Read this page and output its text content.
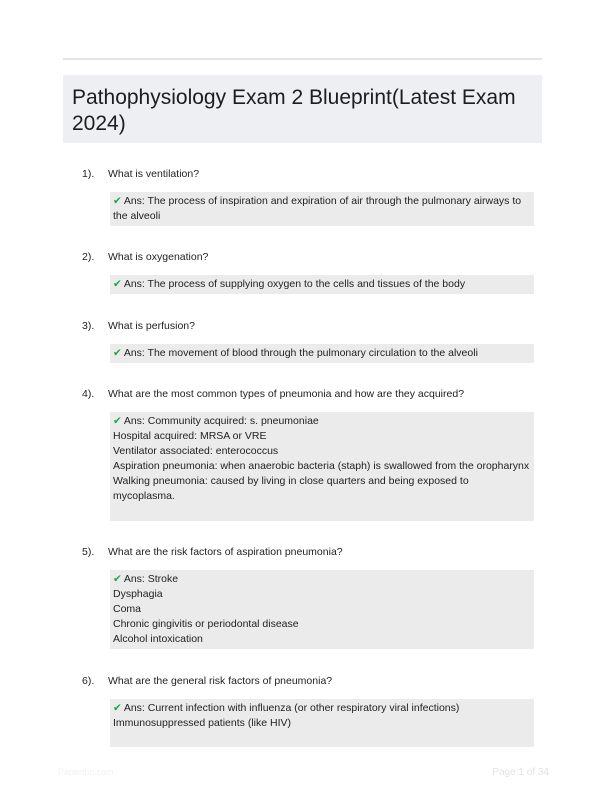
Pathophysiology Exam 2 Blueprint(Latest Exam 2024)
1).	What is ventilation?
✔ Ans: The process of inspiration and expiration of air through the pulmonary airways to the alveoli
2).	What is oxygenation?
✔ Ans: The process of supplying oxygen to the cells and tissues of the body
3).	What is perfusion?
✔ Ans: The movement of blood through the pulmonary circulation to the alveoli
4).	What are the most common types of pneumonia and how are they acquired?
✔ Ans: Community acquired: s. pneumoniae
Hospital acquired: MRSA or VRE
Ventilator associated: enterococcus
Aspiration pneumonia: when anaerobic bacteria (staph) is swallowed from the oropharynx
Walking pneumonia: caused by living in close quarters and being exposed to mycoplasma.
5).	What are the risk factors of aspiration pneumonia?
✔ Ans: Stroke
Dysphagia
Coma
Chronic gingivitis or periodontal disease
Alcohol intoxication
6).	What are the general risk factors of pneumonia?
✔ Ans: Current infection with influenza (or other respiratory viral infections)
Immunosuppressed patients (like HIV)
Papertbc.com	Page 1 of 34
